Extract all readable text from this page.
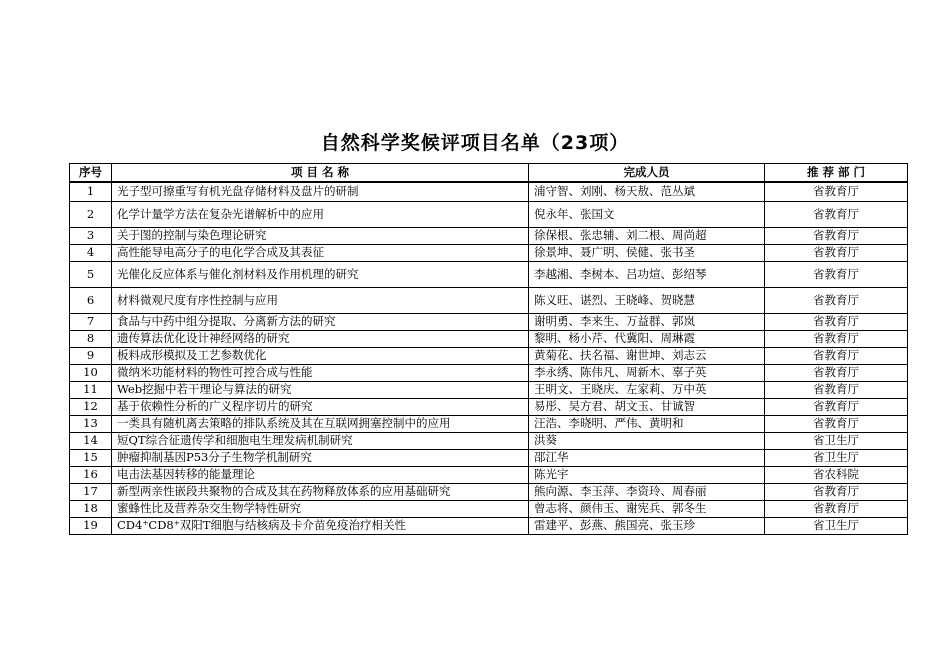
自然科学奖候评项目名单（23项）
序号	项 目 名 称	完成人员	推 荐 部 门
1	光子型可擦重写有机光盘存储材料及盘片的研制	浦守智、刘刚、杨天敖、范丛斌	省教育厅
2	化学计量学方法在复杂光谱解析中的应用	倪永年、张国文	省教育厅
3	关于图的控制与染色理论研究	徐保根、张忠辅、刘二根、周尚超	省教育厅
4	高性能导电高分子的电化学合成及其表征	徐景坤、聂广明、侯健、张书圣	省教育厅
5	光催化反应体系与催化剂材料及作用机理的研究	李越湘、李树本、吕功煊、彭绍琴	省教育厅
6	材料微观尺度有序性控制与应用	陈义旺、谌烈、王晓峰、贺晓慧	省教育厅
7	食品与中药中组分提取、分离新方法的研究	谢明勇、李来生、万益群、郭岚	省教育厅
8	遗传算法优化设计神经网络的研究	黎明、杨小芹、代冀阳、周琳霞	省教育厅
9	板料成形模拟及工艺参数优化	黄菊花、扶名福、谢世坤、刘志云	省教育厅
10	微纳米功能材料的物性可控合成与性能	李永绣、陈伟凡、周新木、辜子英	省教育厅
11	Web挖掘中若干理论与算法的研究	王明文、王晓庆、左家莉、万中英	省教育厅
12	基于依赖性分析的广义程序切片的研究	易彤、吴方君、胡文玉、甘诚智	省教育厅
13	一类具有随机离去策略的排队系统及其在互联网拥塞控制中的应用	汪浩、李晓明、严伟、黄明和	省教育厅
14	短QT综合征遗传学和细胞电生理发病机制研究	洪葵	省卫生厅
15	肿瘤抑制基因P53分子生物学机制研究	邵江华	省卫生厅
16	电击法基因转移的能量理论	陈光宇	省农科院
17	新型两亲性嵌段共聚物的合成及其在药物释放体系的应用基础研究	熊向源、李玉萍、李资玲、周春丽	省教育厅
18	蜜蜂性比及营养杂交生物学特性研究	曾志将、颜伟玉、谢宪兵、郭冬生	省教育厅
19	CD4⁺CD8⁺双阳T细胞与结核病及卡介苗免疫治疗相关性	雷建平、彭燕、熊国亮、张玉珍	省卫生厅
